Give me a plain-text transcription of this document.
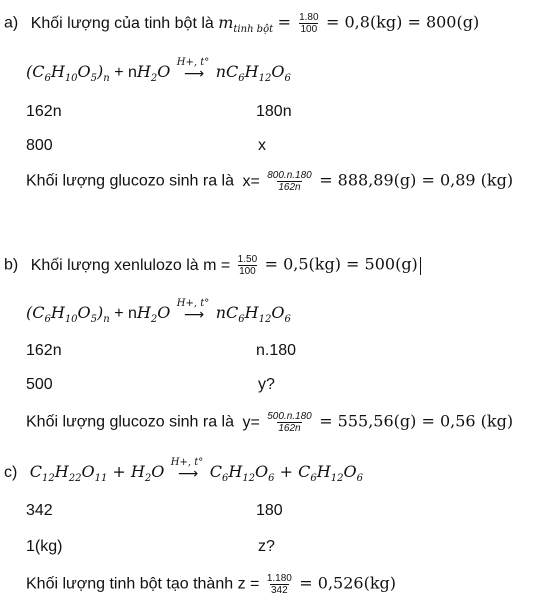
a) Khối lượng của tinh bột là $m_{tinh bột} = \frac{1.80}{100} = 0,8(kg) = 800(g)$
$(C_6H_{10}O_5)_n + nH_2O$ H+, t°
⟶ $nC_6H_{12}O_6$
162n	180n
800	x
Khối lượng glucozo sinh ra là $x= \frac{800.n.180}{162n} = 888,89(g) = 0,89$ (kg)
b) Khối lượng xenlulozo là $m = \frac{1.50}{100} = 0,5(kg) = 500(g)$
$(C_6H_{10}O_5)_n + nH_2O$ H+, t°
⟶ $nC_6H_{12}O_6$
162n	n.180
500	y?
Khối lượng glucozo sinh ra là $y= \frac{500.n.180}{162n} = 555,56(g) = 0,56$ (kg)
c) $C_{12}H_{22}O_{11} + H_2O$ H+, t°
⟶ $C_6H_{12}O_6 + C_6H_{12}O_6$
342	180
1(kg)	z?
Khối lượng tinh bột tạo thành $z = \frac{1.180}{342} = 0,526(kg)$
